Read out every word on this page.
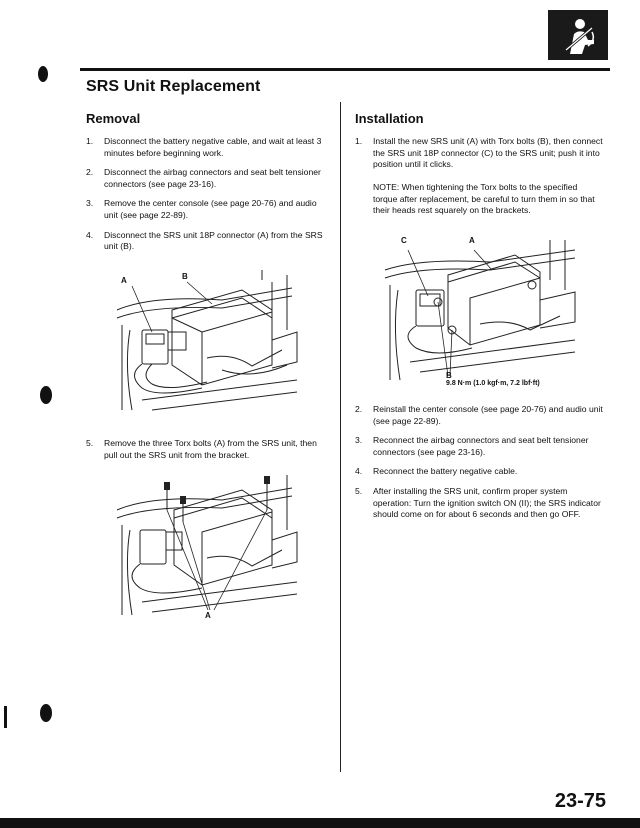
SRS Unit Replacement
Removal
1. Disconnect the battery negative cable, and wait at least 3 minutes before beginning work.
2. Disconnect the airbag connectors and seat belt tensioner connectors (see page 23-16).
3. Remove the center console (see page 20-76) and audio unit (see page 22-89).
4. Disconnect the SRS unit 18P connector (A) from the SRS unit (B).
A	B
5. Remove the three Torx bolts (A) from the SRS unit, then pull out the SRS unit from the bracket.
A
Installation
1. Install the new SRS unit (A) with Torx bolts (B), then connect the SRS unit 18P connector (C) to the SRS unit; push it into position until it clicks.
NOTE: When tightening the Torx bolts to the specified torque after replacement, be careful to turn them in so that their heads rest squarely on the brackets.
C	A
B
9.8 N·m (1.0 kgf·m, 7.2 lbf·ft)
2. Reinstall the center console (see page 20-76) and audio unit (see page 22-89).
3. Reconnect the airbag connectors and seat belt tensioner connectors (see page 23-16).
4. Reconnect the battery negative cable.
5. After installing the SRS unit, confirm proper system operation: Turn the ignition switch ON (II); the SRS indicator should come on for about 6 seconds and then go OFF.
23-75
